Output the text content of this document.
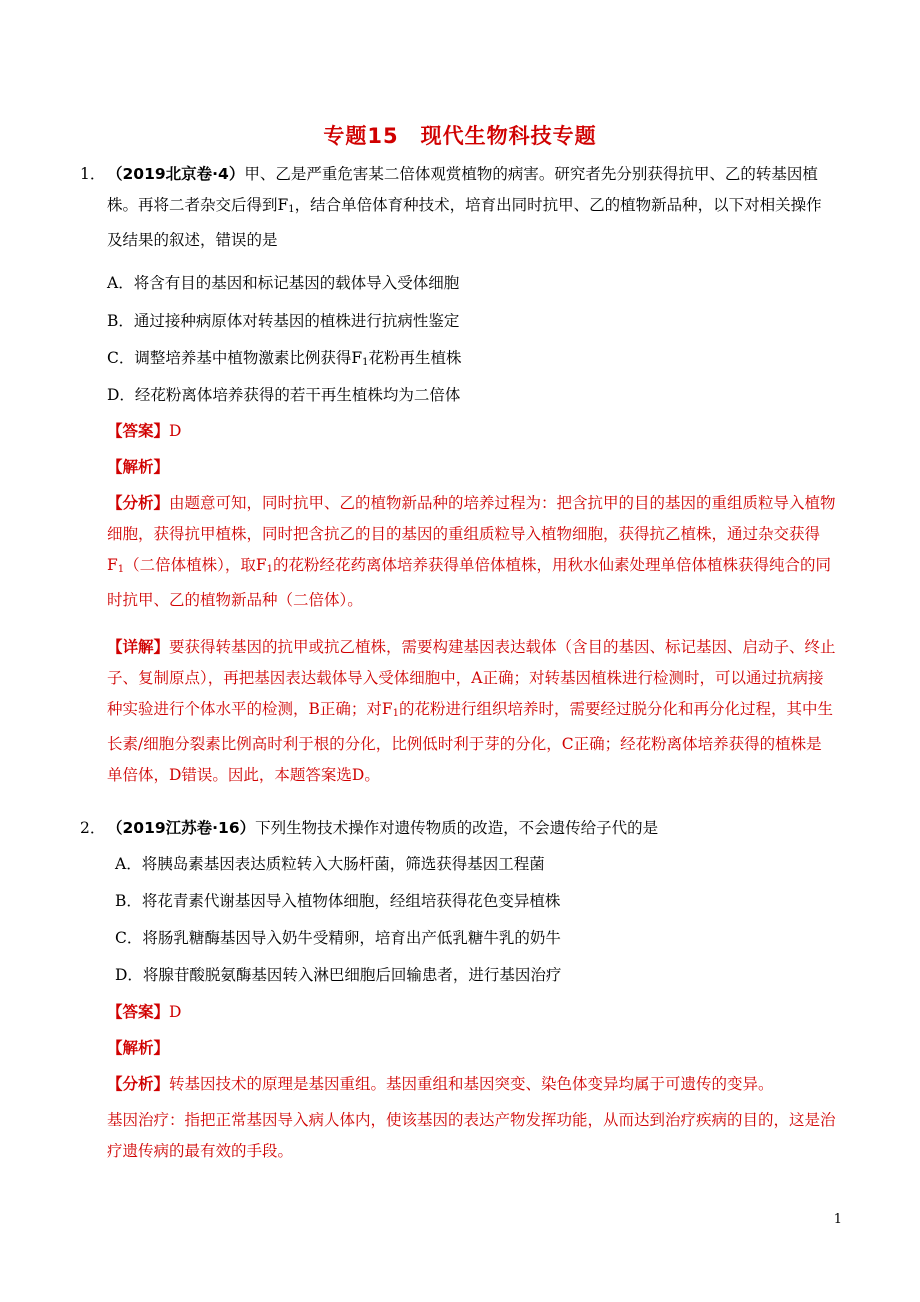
专题15　现代生物科技专题
1． （2019北京卷·4）甲、乙是严重危害某二倍体观赏植物的病害。研究者先分别获得抗甲、乙的转基因植株。再将二者杂交后得到$F_1$，结合单倍体育种技术，培育出同时抗甲、乙的植物新品种，以下对相关操作及结果的叙述，错误的是
A．将含有目的基因和标记基因的载体导入受体细胞
B．通过接种病原体对转基因的植株进行抗病性鉴定
C．调整培养基中植物激素比例获得$F_1$花粉再生植株
D．经花粉离体培养获得的若干再生植株均为二倍体
【答案】D
【解析】
【分析】由题意可知，同时抗甲、乙的植物新品种的培养过程为：把含抗甲的目的基因的重组质粒导入植物细胞，获得抗甲植株，同时把含抗乙的目的基因的重组质粒导入植物细胞，获得抗乙植株，通过杂交获得$F_1$（二倍体植株），取$F_1$的花粉经花药离体培养获得单倍体植株，用秋水仙素处理单倍体植株获得纯合的同时抗甲、乙的植物新品种（二倍体）。
【详解】要获得转基因的抗甲或抗乙植株，需要构建基因表达载体（含目的基因、标记基因、启动子、终止子、复制原点），再把基因表达载体导入受体细胞中，A正确；对转基因植株进行检测时，可以通过抗病接种实验进行个体水平的检测，B正确；对$F_1$的花粉进行组织培养时，需要经过脱分化和再分化过程，其中生长素/细胞分裂素比例高时利于根的分化，比例低时利于芽的分化，C正确；经花粉离体培养获得的植株是单倍体，D错误。因此，本题答案选D。
2． （2019江苏卷·16）下列生物技术操作对遗传物质的改造，不会遗传给子代的是
A．将胰岛素基因表达质粒转入大肠杆菌，筛选获得基因工程菌
B．将花青素代谢基因导入植物体细胞，经组培获得花色变异植株
C．将肠乳糖酶基因导入奶牛受精卵，培育出产低乳糖牛乳的奶牛
D．将腺苷酸脱氨酶基因转入淋巴细胞后回输患者，进行基因治疗
【答案】D
【解析】
【分析】转基因技术的原理是基因重组。基因重组和基因突变、染色体变异均属于可遗传的变异。
基因治疗：指把正常基因导入病人体内，使该基因的表达产物发挥功能，从而达到治疗疾病的目的，这是治疗遗传病的最有效的手段。
1
